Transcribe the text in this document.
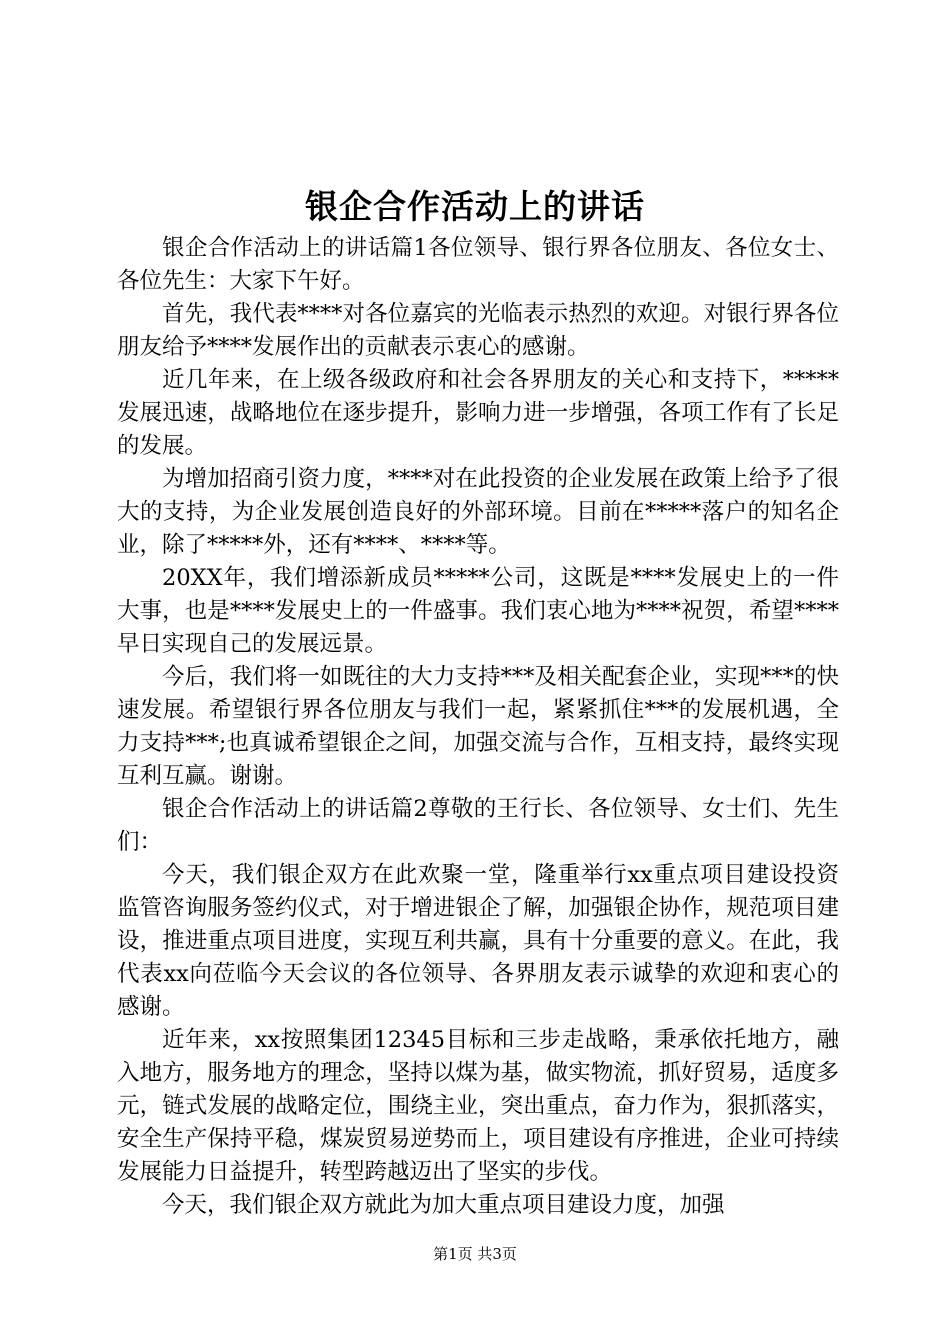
银企合作活动上的讲话

银企合作活动上的讲话篇1各位领导、银行界各位朋友、各位女士、各位先生：大家下午好。

首先，我代表****对各位嘉宾的光临表示热烈的欢迎。对银行界各位朋友给予****发展作出的贡献表示衷心的感谢。

近几年来，在上级各级政府和社会各界朋友的关心和支持下，*****发展迅速，战略地位在逐步提升，影响力进一步增强，各项工作有了长足的发展。

为增加招商引资力度，****对在此投资的企业发展在政策上给予了很大的支持，为企业发展创造良好的外部环境。目前在*****落户的知名企业，除了*****外，还有****、****等。

20XX年，我们增添新成员*****公司，这既是****发展史上的一件大事，也是****发展史上的一件盛事。我们衷心地为****祝贺，希望****早日实现自己的发展远景。

今后，我们将一如既往的大力支持***及相关配套企业，实现***的快速发展。希望银行界各位朋友与我们一起，紧紧抓住***的发展机遇，全力支持***;也真诚希望银企之间，加强交流与合作，互相支持，最终实现互利互赢。谢谢。

银企合作活动上的讲话篇2尊敬的王行长、各位领导、女士们、先生们：

今天，我们银企双方在此欢聚一堂，隆重举行xx重点项目建设投资监管咨询服务签约仪式，对于增进银企了解，加强银企协作，规范项目建设，推进重点项目进度，实现互利共赢，具有十分重要的意义。在此，我代表xx向莅临今天会议的各位领导、各界朋友表示诚挚的欢迎和衷心的感谢。

近年来，xx按照集团12345目标和三步走战略，秉承依托地方，融入地方，服务地方的理念，坚持以煤为基，做实物流，抓好贸易，适度多元，链式发展的战略定位，围绕主业，突出重点，奋力作为，狠抓落实，安全生产保持平稳，煤炭贸易逆势而上，项目建设有序推进，企业可持续发展能力日益提升，转型跨越迈出了坚实的步伐。

今天，我们银企双方就此为加大重点项目建设力度，加强

第1页 共3页
